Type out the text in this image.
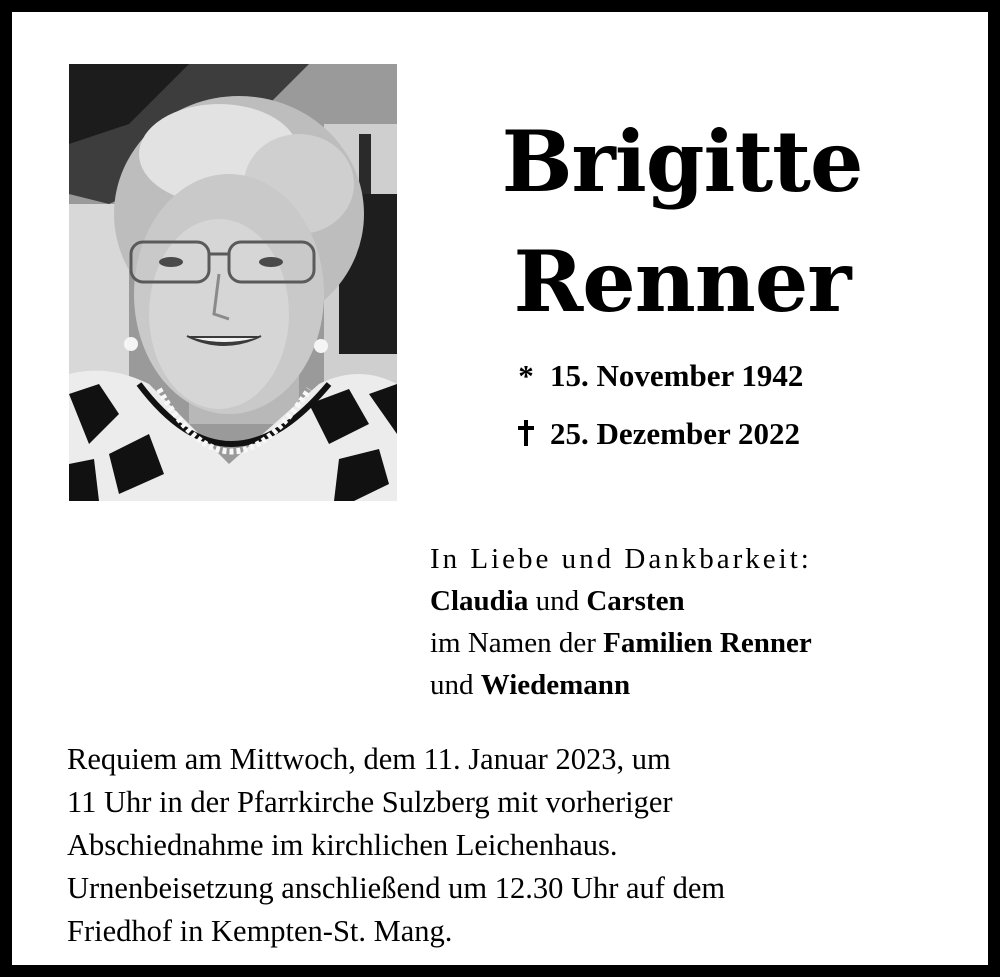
Brigitte
Renner
* 15. November 1942
25. Dezember 2022
In Liebe und Dankbarkeit:
Claudia und Carsten
im Namen der Familien Renner
und Wiedemann
Requiem am Mittwoch, dem 11. Januar 2023, um
11 Uhr in der Pfarrkirche Sulzberg mit vorheriger
Abschiednahme im kirchlichen Leichenhaus.
Urnenbeisetzung anschließend um 12.30 Uhr auf dem
Friedhof in Kempten-St. Mang.
